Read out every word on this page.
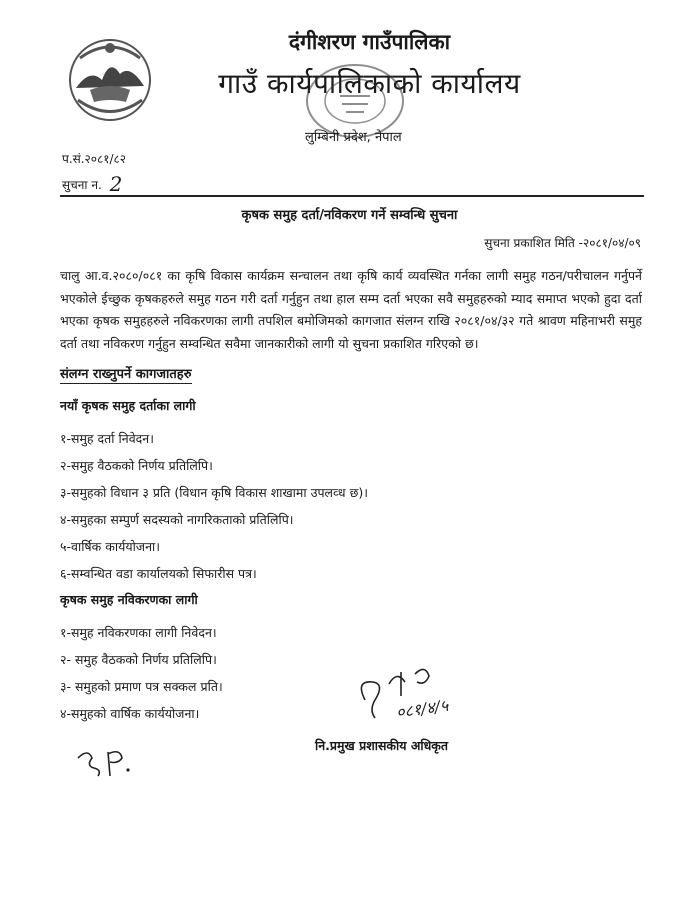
दंगीशरण गाउँपालिका
गाउँ कार्यपालिकाको कार्यालय
लुम्बिनी प्रदेश, नेपाल
प.सं.२०८१/८२
सुचना न. 2
कृषक समुह दर्ता/नविकरण गर्ने सम्वन्धि सुचना
सुचना प्रकाशित मिति -२०८१/०४/०९

चालु आ.व.२०८०/०८१ का कृषि विकास कार्यक्रम सन्चालन तथा कृषि कार्य व्यवस्थित गर्नका लागी समुह गठन/परीचालन गर्नुपर्ने भएकोले ईच्छुक कृषकहरुले समुह गठन गरी दर्ता गर्नुहुन तथा हाल सम्म दर्ता भएका सवै समुहहरुको म्याद समाप्त भएको हुदा दर्ता भएका कृषक समुहहरुले नविकरणका लागी तपशिल बमोजिमको कागजात संलग्न राखि २०८१/०४/३२ गते श्रावण महिनाभरी समुह दर्ता तथा नविकरण गर्नुहुन सम्वन्धित सवैमा जानकारीको लागी यो सुचना प्रकाशित गरिएको छ।

संलग्न राख्नुपर्ने कागजातहरु
नयाँ कृषक समुह दर्ताका लागी
१-समुह दर्ता निवेदन।
२-समुह वैठकको निर्णय प्रतिलिपि।
३-समुहको विधान ३ प्रति (विधान कृषि विकास शाखामा उपलव्ध छ)।
४-समुहका सम्पुर्ण सदस्यको नागरिकताको प्रतिलिपि।
५-वार्षिक कार्ययोजना।
६-सम्वन्धित वडा कार्यालयको सिफारीस पत्र।
कृषक समुह नविकरणका लागी
१-समुह नविकरणका लागी निवेदन।
२- समुह वैठकको निर्णय प्रतिलिपि।
३- समुहको प्रमाण पत्र सक्कल प्रति।
४-समुहको वार्षिक कार्ययोजना।	०८१/४/५
नि.प्रमुख प्रशासकीय अधिकृत
